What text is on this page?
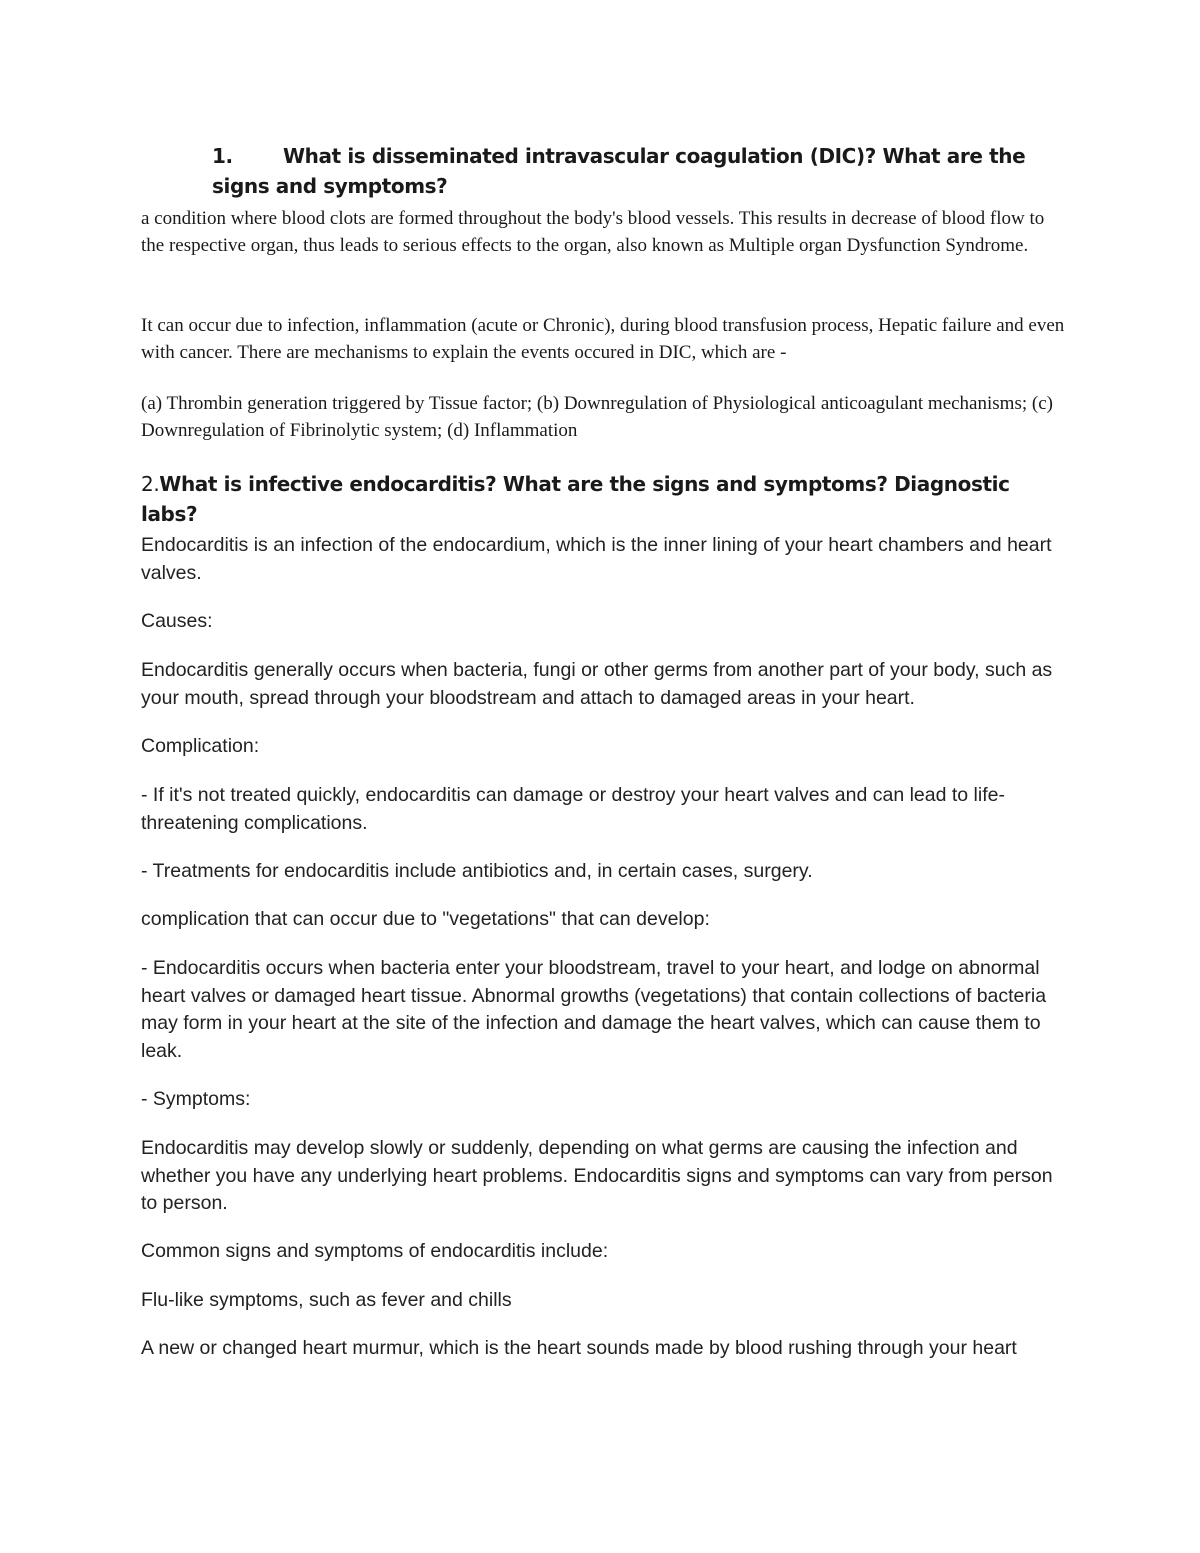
1.	What is disseminated intravascular coagulation (DIC)? What are the signs and symptoms?

a condition where blood clots are formed throughout the body's blood vessels. This results in decrease of blood flow to the respective organ, thus leads to serious effects to the organ, also known as Multiple organ Dysfunction Syndrome.

It can occur due to infection, inflammation (acute or Chronic), during blood transfusion process, Hepatic failure and even with cancer. There are mechanisms to explain the events occured in DIC, which are -

(a) Thrombin generation triggered by Tissue factor; (b) Downregulation of Physiological anticoagulant mechanisms; (c) Downregulation of Fibrinolytic system; (d) Inflammation

2.What is infective endocarditis? What are the signs and symptoms? Diagnostic labs?

Endocarditis is an infection of the endocardium, which is the inner lining of your heart chambers and heart valves.

Causes:

Endocarditis generally occurs when bacteria, fungi or other germs from another part of your body, such as your mouth, spread through your bloodstream and attach to damaged areas in your heart.

Complication:

- If it's not treated quickly, endocarditis can damage or destroy your heart valves and can lead to life-threatening complications.

- Treatments for endocarditis include antibiotics and, in certain cases, surgery.

complication that can occur due to "vegetations" that can develop:

- Endocarditis occurs when bacteria enter your bloodstream, travel to your heart, and lodge on abnormal heart valves or damaged heart tissue. Abnormal growths (vegetations) that contain collections of bacteria may form in your heart at the site of the infection and damage the heart valves, which can cause them to leak.

- Symptoms:

Endocarditis may develop slowly or suddenly, depending on what germs are causing the infection and whether you have any underlying heart problems. Endocarditis signs and symptoms can vary from person to person.

Common signs and symptoms of endocarditis include:

Flu-like symptoms, such as fever and chills

A new or changed heart murmur, which is the heart sounds made by blood rushing through your heart
